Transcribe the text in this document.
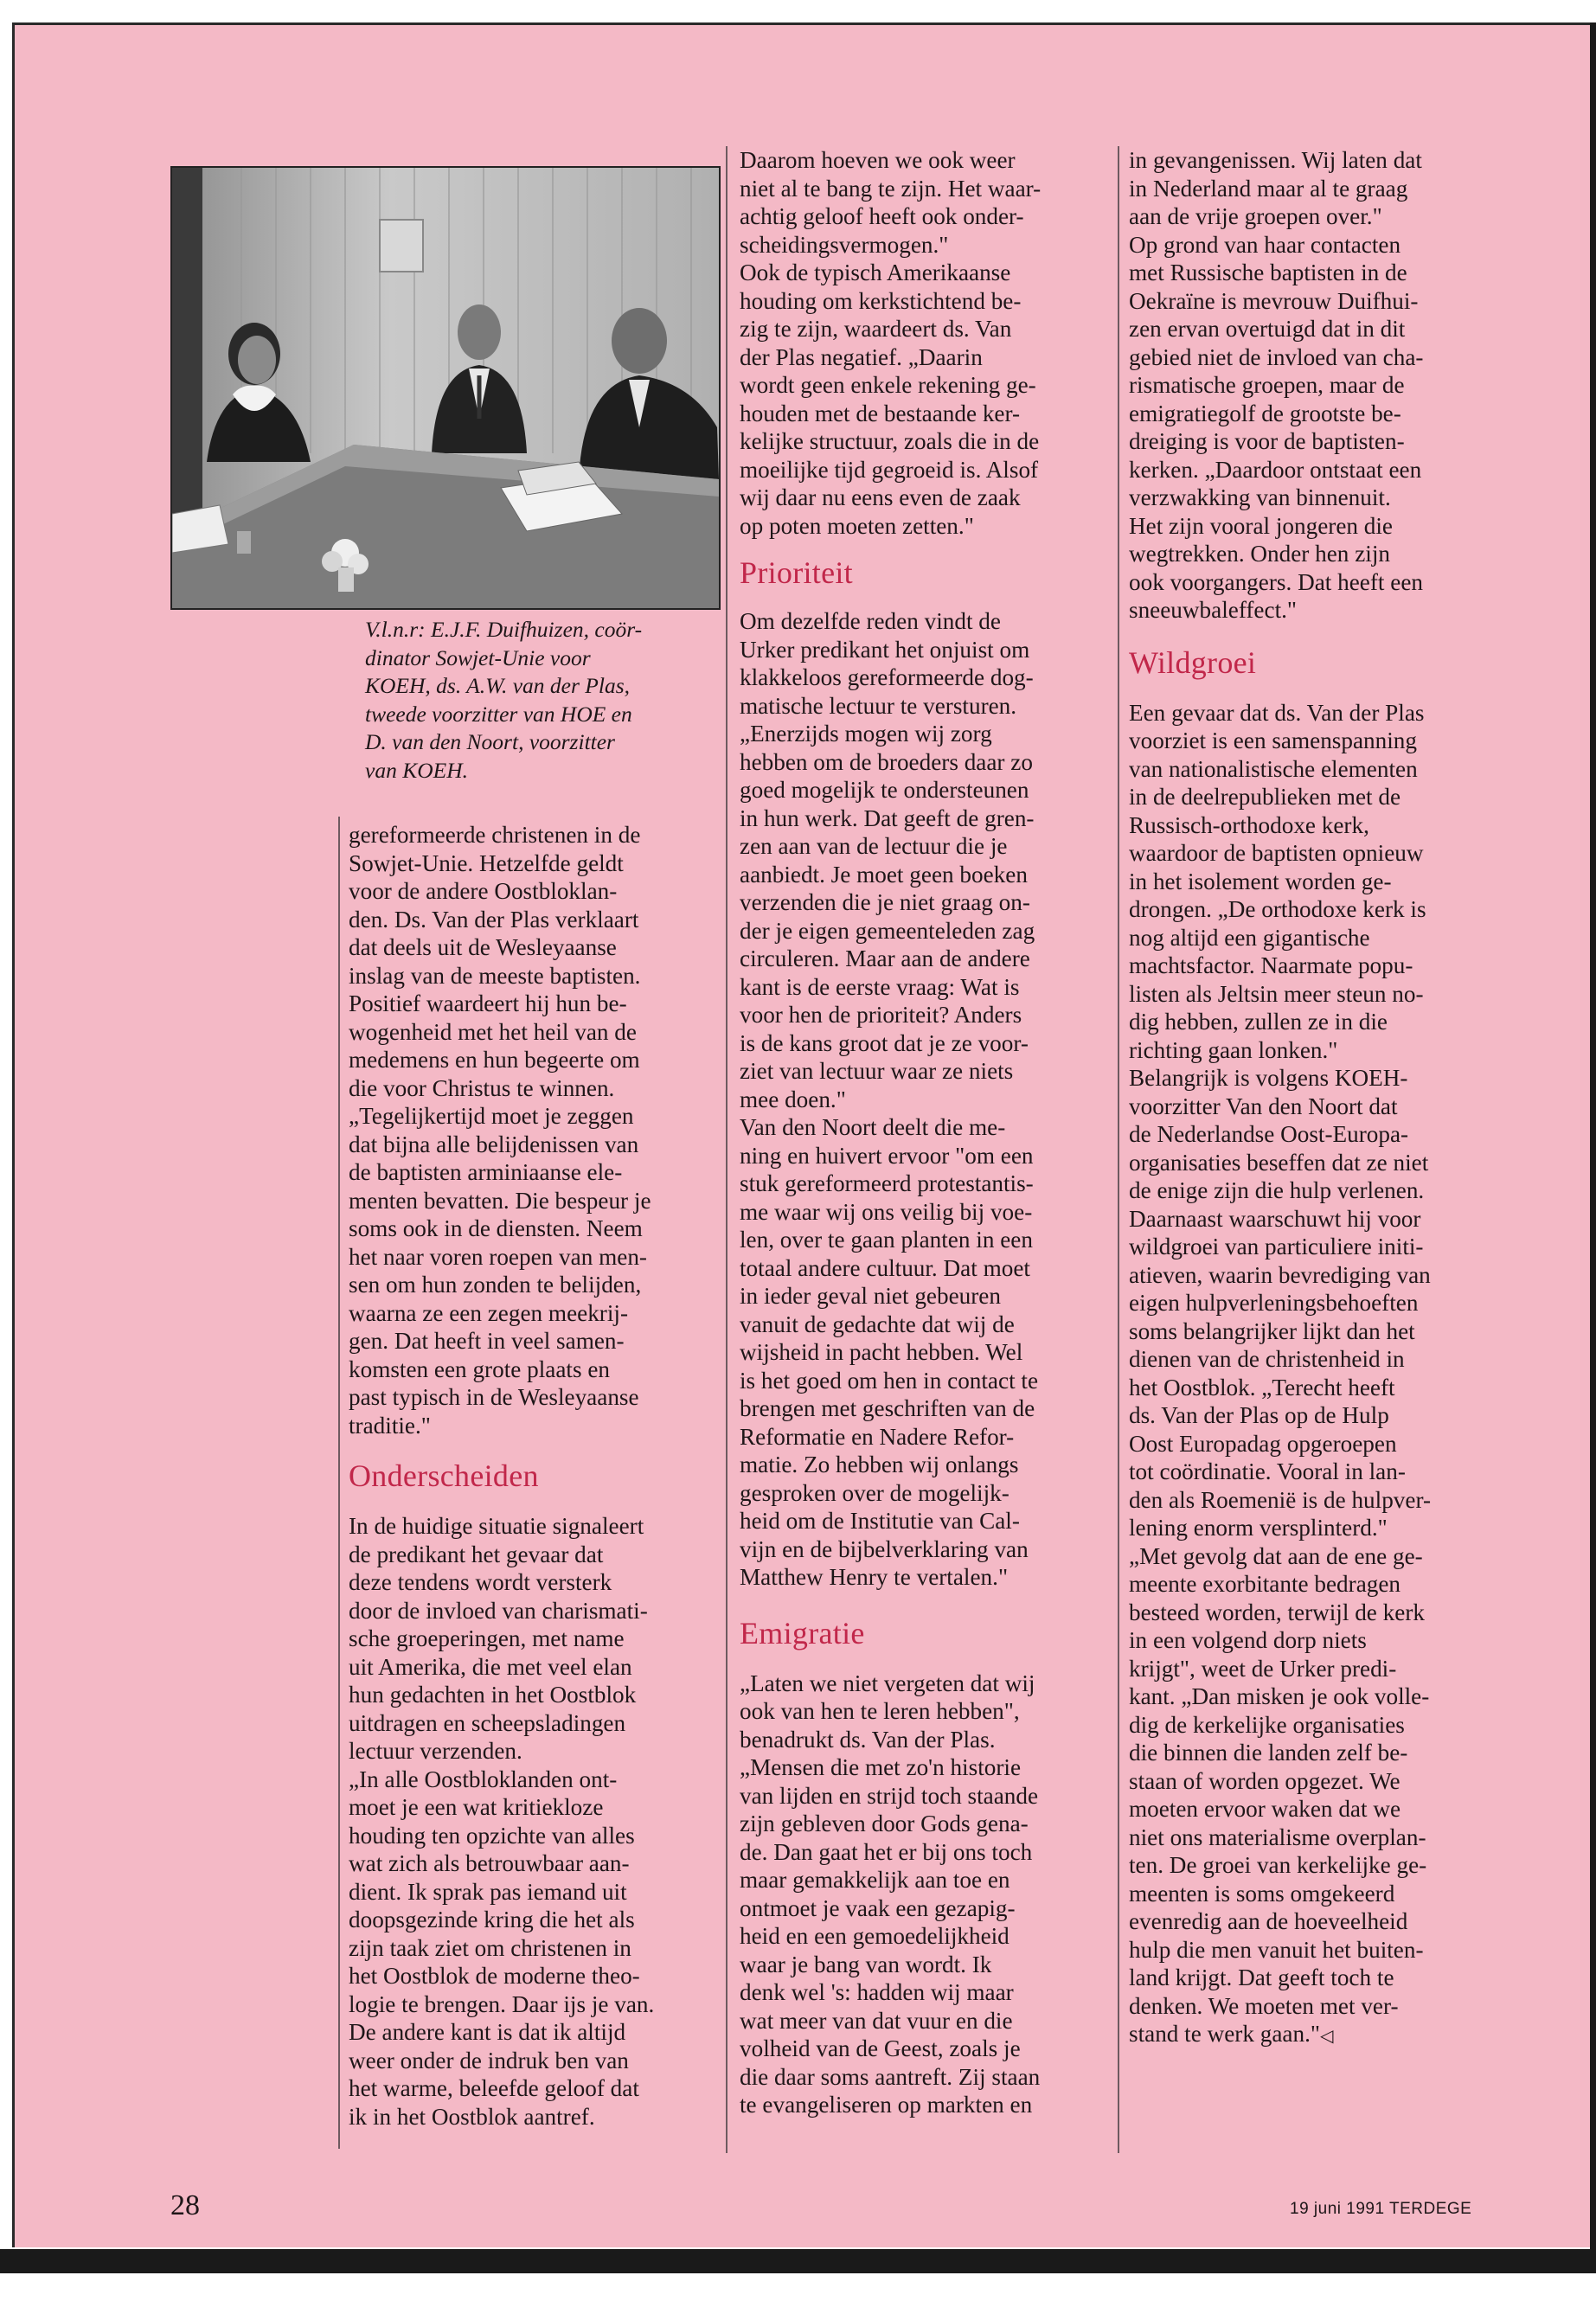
V.l.n.r: E.J.F. Duifhuizen, coör-
dinator Sowjet-Unie voor
KOEH, ds. A.W. van der Plas,
tweede voorzitter van HOE en
D. van den Noort, voorzitter
van KOEH.

gereformeerde christenen in de
Sowjet-Unie. Hetzelfde geldt
voor de andere Oostbloklan-
den. Ds. Van der Plas verklaart
dat deels uit de Wesleyaanse
inslag van de meeste baptisten.
Positief waardeert hij hun be-
wogenheid met het heil van de
medemens en hun begeerte om
die voor Christus te winnen.
„Tegelijkertijd moet je zeggen
dat bijna alle belijdenissen van
de baptisten arminiaanse ele-
menten bevatten. Die bespeur je
soms ook in de diensten. Neem
het naar voren roepen van men-
sen om hun zonden te belijden,
waarna ze een zegen meekrij-
gen. Dat heeft in veel samen-
komsten een grote plaats en
past typisch in de Wesleyaanse
traditie."

Onderscheiden

In de huidige situatie signaleert
de predikant het gevaar dat
deze tendens wordt versterk
door de invloed van charismati-
sche groeperingen, met name
uit Amerika, die met veel elan
hun gedachten in het Oostblok
uitdragen en scheepsladingen
lectuur verzenden.
„In alle Oostbloklanden ont-
moet je een wat kritiekloze
houding ten opzichte van alles
wat zich als betrouwbaar aan-
dient. Ik sprak pas iemand uit
doopsgezinde kring die het als
zijn taak ziet om christenen in
het Oostblok de moderne theo-
logie te brengen. Daar ijs je van.
De andere kant is dat ik altijd
weer onder de indruk ben van
het warme, beleefde geloof dat
ik in het Oostblok aantref.

Daarom hoeven we ook weer
niet al te bang te zijn. Het waar-
achtig geloof heeft ook onder-
scheidingsvermogen."
Ook de typisch Amerikaanse
houding om kerkstichtend be-
zig te zijn, waardeert ds. Van
der Plas negatief. „Daarin
wordt geen enkele rekening ge-
houden met de bestaande ker-
kelijke structuur, zoals die in de
moeilijke tijd gegroeid is. Alsof
wij daar nu eens even de zaak
op poten moeten zetten."

Prioriteit

Om dezelfde reden vindt de
Urker predikant het onjuist om
klakkeloos gereformeerde dog-
matische lectuur te versturen.
„Enerzijds mogen wij zorg
hebben om de broeders daar zo
goed mogelijk te ondersteunen
in hun werk. Dat geeft de gren-
zen aan van de lectuur die je
aanbiedt. Je moet geen boeken
verzenden die je niet graag on-
der je eigen gemeenteleden zag
circuleren. Maar aan de andere
kant is de eerste vraag: Wat is
voor hen de prioriteit? Anders
is de kans groot dat je ze voor-
ziet van lectuur waar ze niets
mee doen."
Van den Noort deelt die me-
ning en huivert ervoor "om een
stuk gereformeerd protestantis-
me waar wij ons veilig bij voe-
len, over te gaan planten in een
totaal andere cultuur. Dat moet
in ieder geval niet gebeuren
vanuit de gedachte dat wij de
wijsheid in pacht hebben. Wel
is het goed om hen in contact te
brengen met geschriften van de
Reformatie en Nadere Refor-
matie. Zo hebben wij onlangs
gesproken over de mogelijk-
heid om de Institutie van Cal-
vijn en de bijbelverklaring van
Matthew Henry te vertalen."

Emigratie

„Laten we niet vergeten dat wij
ook van hen te leren hebben",
benadrukt ds. Van der Plas.
„Mensen die met zo'n historie
van lijden en strijd toch staande
zijn gebleven door Gods gena-
de. Dan gaat het er bij ons toch
maar gemakkelijk aan toe en
ontmoet je vaak een gezapig-
heid en een gemoedelijkheid
waar je bang van wordt. Ik
denk wel 's: hadden wij maar
wat meer van dat vuur en die
volheid van de Geest, zoals je
die daar soms aantreft. Zij staan
te evangeliseren op markten en

in gevangenissen. Wij laten dat
in Nederland maar al te graag
aan de vrije groepen over."
Op grond van haar contacten
met Russische baptisten in de
Oekraïne is mevrouw Duifhui-
zen ervan overtuigd dat in dit
gebied niet de invloed van cha-
rismatische groepen, maar de
emigratiegolf de grootste be-
dreiging is voor de baptisten-
kerken. „Daardoor ontstaat een
verzwakking van binnenuit.
Het zijn vooral jongeren die
wegtrekken. Onder hen zijn
ook voorgangers. Dat heeft een
sneeuwbaleffect."

Wildgroei

Een gevaar dat ds. Van der Plas
voorziet is een samenspanning
van nationalistische elementen
in de deelrepublieken met de
Russisch-orthodoxe kerk,
waardoor de baptisten opnieuw
in het isolement worden ge-
drongen. „De orthodoxe kerk is
nog altijd een gigantische
machtsfactor. Naarmate popu-
listen als Jeltsin meer steun no-
dig hebben, zullen ze in die
richting gaan lonken."
Belangrijk is volgens KOEH-
voorzitter Van den Noort dat
de Nederlandse Oost-Europa-
organisaties beseffen dat ze niet
de enige zijn die hulp verlenen.
Daarnaast waarschuwt hij voor
wildgroei van particuliere initi-
atieven, waarin bevrediging van
eigen hulpverleningsbehoeften
soms belangrijker lijkt dan het
dienen van de christenheid in
het Oostblok. „Terecht heeft
ds. Van der Plas op de Hulp
Oost Europadag opgeroepen
tot coördinatie. Vooral in lan-
den als Roemenië is de hulpver-
lening enorm versplinterd."
„Met gevolg dat aan de ene ge-
meente exorbitante bedragen
besteed worden, terwijl de kerk
in een volgend dorp niets
krijgt", weet de Urker predi-
kant. „Dan misken je ook volle-
dig de kerkelijke organisaties
die binnen die landen zelf be-
staan of worden opgezet. We
moeten ervoor waken dat we
niet ons materialisme overplan-
ten. De groei van kerkelijke ge-
meenten is soms omgekeerd
evenredig aan de hoeveelheid
hulp die men vanuit het buiten-
land krijgt. Dat geeft toch te
denken. We moeten met ver-
stand te werk gaan."◁

28	19 juni 1991 TERDEGE
